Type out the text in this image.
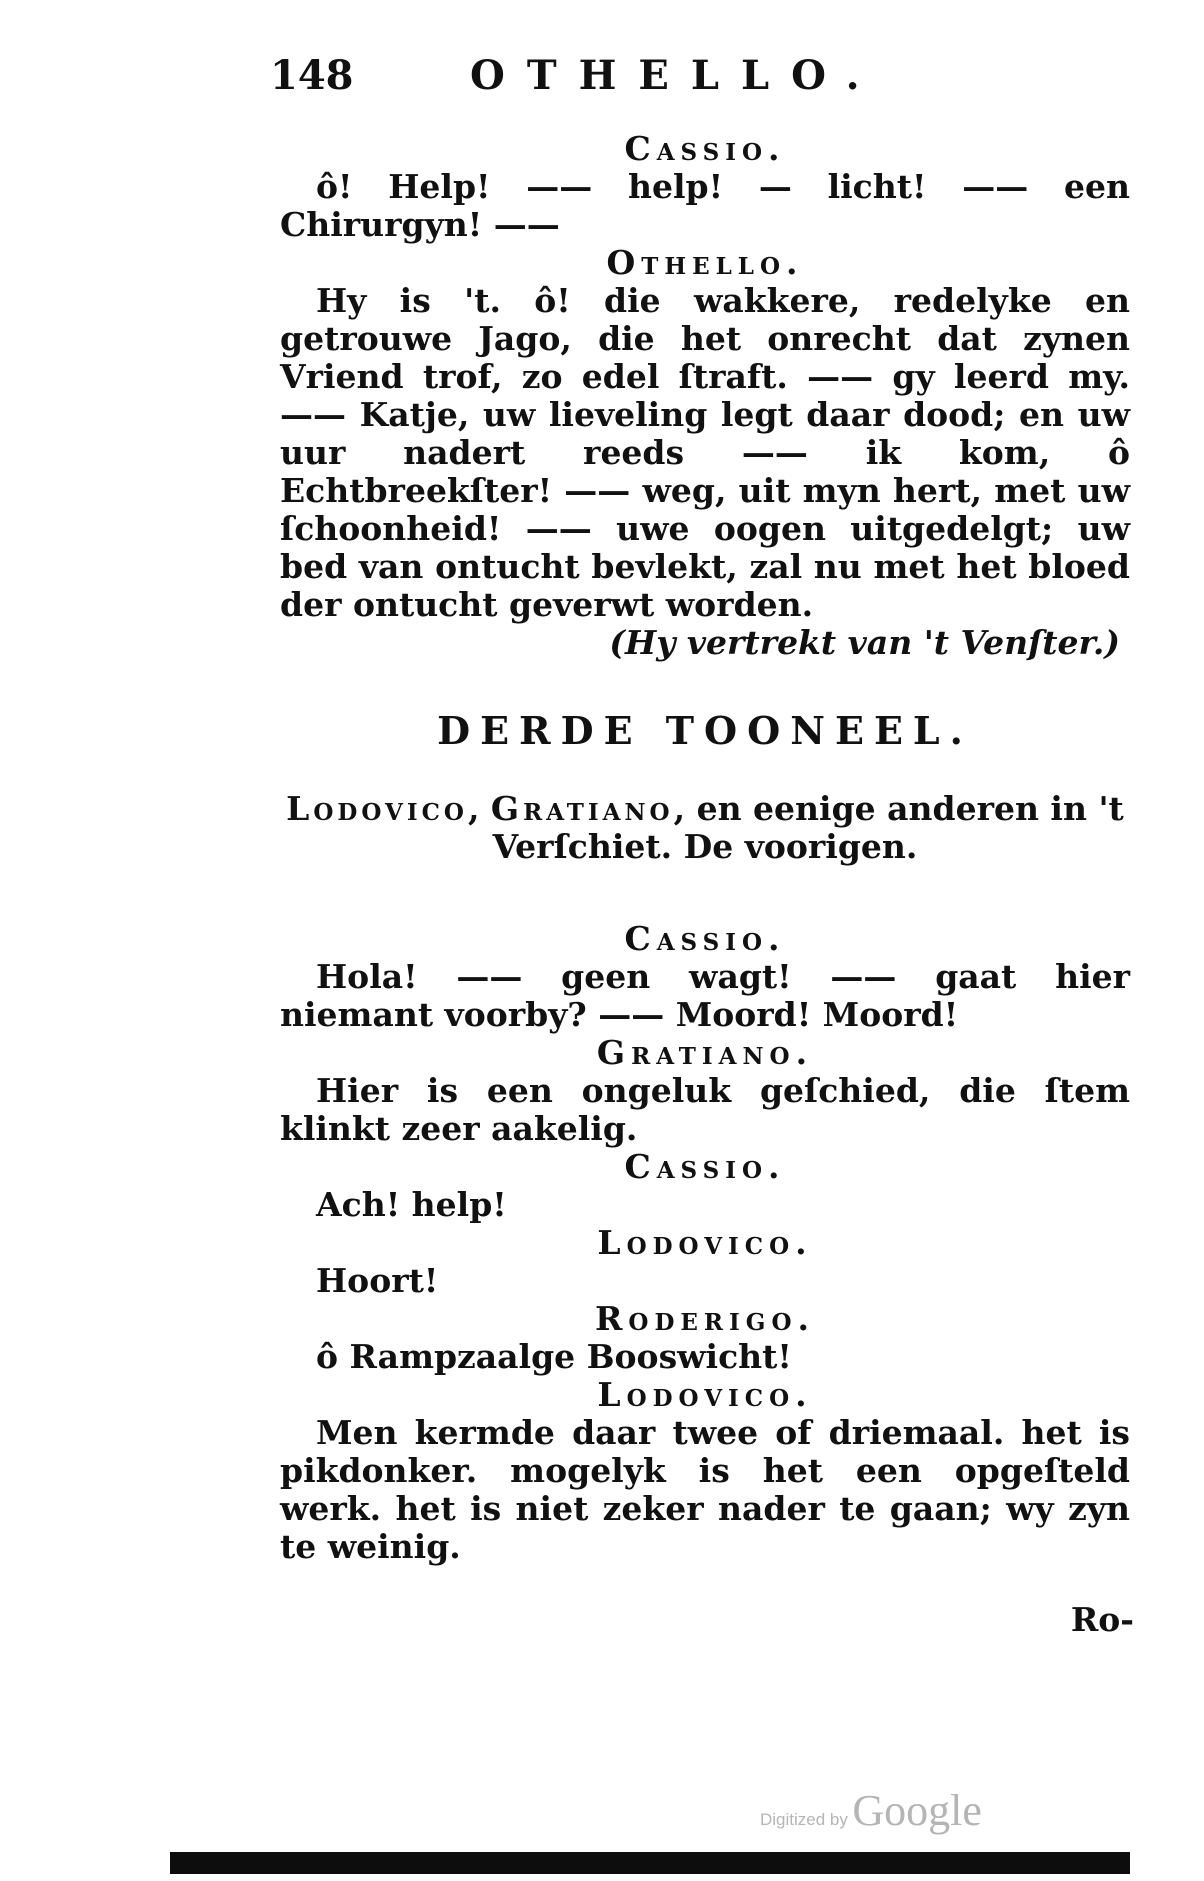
148	OTHELLO.
Cassio.

ô! Help! —— help! — licht! —— een Chirurgyn! ——

Othello.

Hy is 't. ô! die wakkere, redelyke en getrouwe Jago, die het onrecht dat zynen Vriend trof, zo edel ſtraft. —— gy leerd my. —— Katje, uw lieveling legt daar dood; en uw uur nadert reeds —— ik kom, ô Echtbreekſter! —— weg, uit myn hert, met uw ſchoonheid! —— uwe oogen uitgedelgt; uw bed van ontucht bevlekt, zal nu met het bloed der ontucht geverwt worden.

(Hy vertrekt van 't Venſter.)
DERDE TOONEEL.
Lodovico, Gratiano, en eenige anderen in 't Verſchiet. De voorigen.
Cassio.

Hola! —— geen wagt! —— gaat hier niemant voorby? —— Moord! Moord!

Gratiano.

Hier is een ongeluk geſchied, die ſtem klinkt zeer aakelig.

Cassio.

Ach! help!

Lodovico.

Hoort!

Roderigo.

ô Rampzaalge Booswicht!

Lodovico.

Men kermde daar twee of driemaal. het is pikdonker. mogelyk is het een opgeſteld werk. het is niet zeker nader te gaan; wy zyn te weinig.

Ro-
Digitized by Google
